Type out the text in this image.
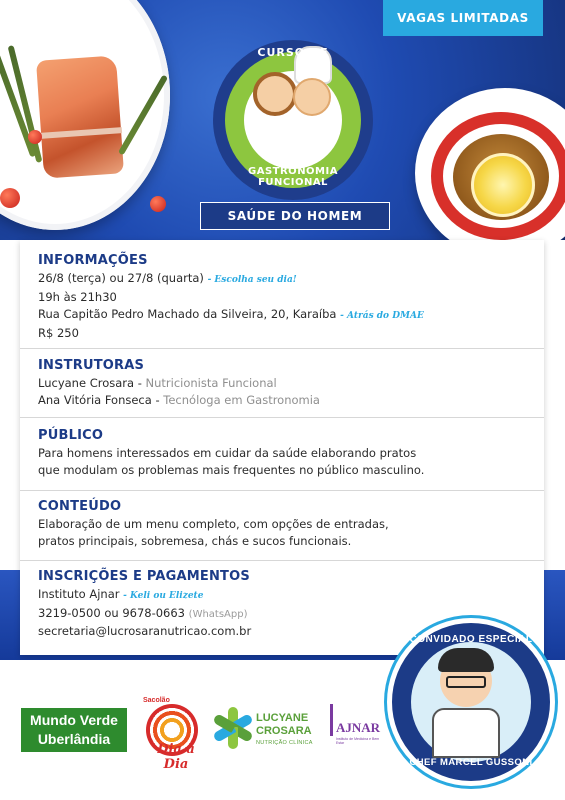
VAGAS LIMITADAS
CURSO DE
GASTRONOMIA FUNCIONAL
SAÚDE DO HOMEM
INFORMAÇÕES
26/8 (terça) ou 27/8 (quarta) - Escolha seu dia!
19h às 21h30
Rua Capitão Pedro Machado da Silveira, 20, Karaíba - Atrás do DMAE
R$ 250
INSTRUTORAS
Lucyane Crosara - Nutricionista Funcional
Ana Vitória Fonseca - Tecnóloga em Gastronomia
PÚBLICO
Para homens interessados em cuidar da saúde elaborando pratos
que modulam os problemas mais frequentes no público masculino.
CONTEÚDO
Elaboração de um menu completo, com opções de entradas,
pratos principais, sobremesa, chás e sucos funcionais.
INSCRIÇÕES E PAGAMENTOS
Instituto Ajnar - Keli ou Elizete
3219-0500 ou 9678-0663 (WhatsApp)
secretaria@lucrosaranutricao.com.br
Mundo Verde
Uberlândia
Sacolão
Dia a Dia
LUCYANE
CROSARA
NUTRIÇÃO CLÍNICA
AJNAR
Instituto de Medicina e Bem Estar
CONVIDADO ESPECIAL
CHEF MARCEL GUSSONI
